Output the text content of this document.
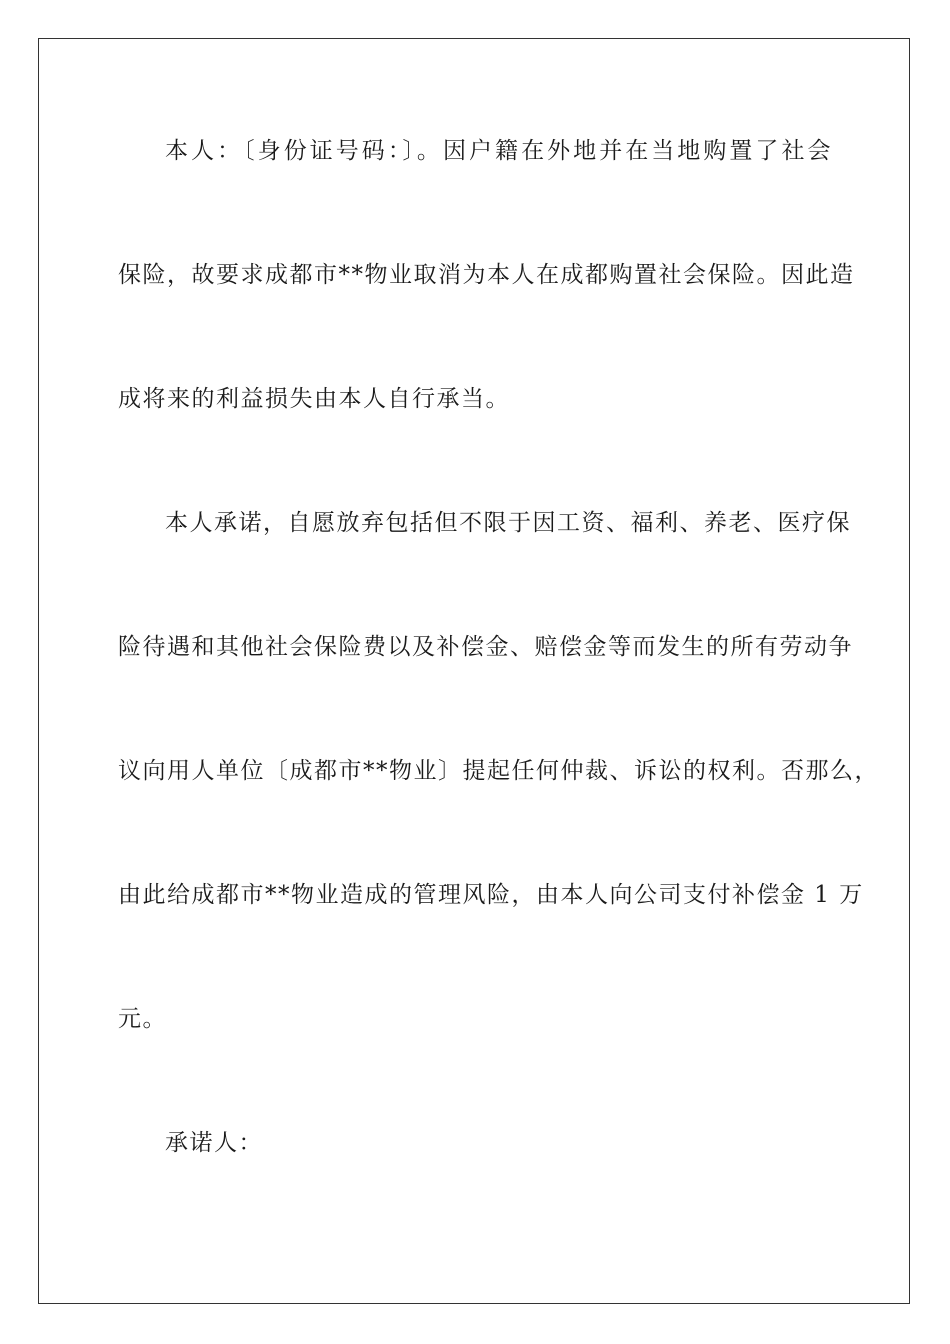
本人：〔身份证号码：〕。因户籍在外地并在当地购置了社会
保险，故要求成都市**物业取消为本人在成都购置社会保险。因此造
成将来的利益损失由本人自行承当。
本人承诺，自愿放弃包括但不限于因工资、福利、养老、医疗保
险待遇和其他社会保险费以及补偿金、赔偿金等而发生的所有劳动争
议向用人单位〔成都市**物业〕提起任何仲裁、诉讼的权利。否那么，
由此给成都市**物业造成的管理风险，由本人向公司支付补偿金 1 万
元。
承诺人：
